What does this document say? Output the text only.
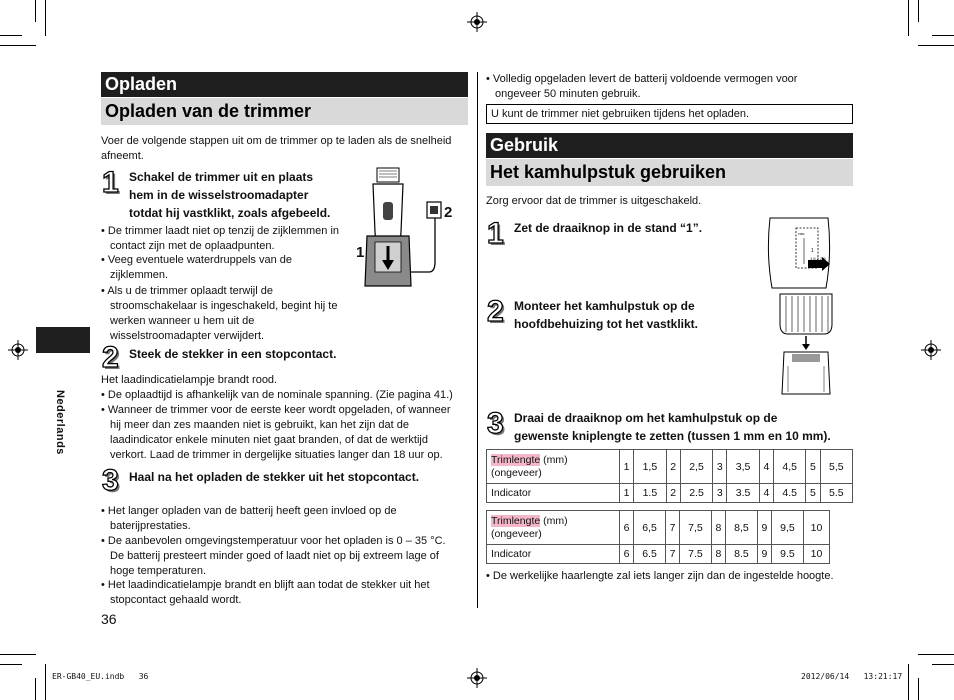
Nederlands
Opladen
Opladen van de trimmer
Voer de volgende stappen uit om de trimmer op te laden als de snelheid afneemt.
1 Schakel de trimmer uit en plaats
hem in de wisselstroomadapter
totdat hij vastklikt, zoals afgebeeld.
• De trimmer laadt niet op tenzij de zijklemmen in
contact zijn met de oplaadpunten.
• Veeg eventuele waterdruppels van de
zijklemmen.
• Als u de trimmer oplaadt terwijl de
stroomschakelaar is ingeschakeld, begint hij te
werken wanneer u hem uit de
wisselstroomadapter verwijdert.
1
2
2 Steek de stekker in een stopcontact.
Het laadindicatielampje brandt rood.
• De oplaadtijd is afhankelijk van de nominale spanning. (Zie pagina 41.)
• Wanneer de trimmer voor de eerste keer wordt opgeladen, of wanneer
hij meer dan zes maanden niet is gebruikt, kan het zijn dat de
laadindicator enkele minuten niet gaat branden, of dat de werktijd
verkort. Laad de trimmer in dergelijke situaties langer dan 18 uur op.
3 Haal na het opladen de stekker uit het stopcontact.
• Het langer opladen van de batterij heeft geen invloed op de
baterijprestaties.
• De aanbevolen omgevingstemperatuur voor het opladen is 0 – 35 °C.
De batterij presteert minder goed of laadt niet op bij extreem lage of
hoge temperaturen.
• Het laadindicatielampje brandt en blijft aan todat de stekker uit het
stopcontact gehaald wordt.
36
• Volledig opgeladen levert de batterij voldoende vermogen voor
ongeveer 50 minuten gebruik.
U kunt de trimmer niet gebruiken tijdens het opladen.
Gebruik
Het kamhulpstuk gebruiken
Zorg ervoor dat de trimmer is uitgeschakeld.
1 Zet de draaiknop in de stand “1”.	ᵀᴿᴵᴹ
1
1.5 2 2.5
2 Monteer het kamhulpstuk op de
hoofdbehuizing tot het vastklikt.
3 Draai de draaiknop om het kamhulpstuk op de
gewenste kniplengte te zetten (tussen 1 mm en 10 mm).
Trimlengte (mm)
(ongeveer)	1	1,5	2	2,5	3	3,5	4	4,5	5	5,5
Indicator	1	1.5	2	2.5	3	3.5	4	4.5	5	5.5
Trimlengte (mm)
(ongeveer)	6	6,5	7	7,5	8	8,5	9	9,5	10
Indicator	6	6.5	7	7.5	8	8.5	9	9.5	10
• De werkelijke haarlengte zal iets langer zijn dan de ingestelde hoogte.
ER-GB40_EU.indb   36	2012/06/14   13:21:17
